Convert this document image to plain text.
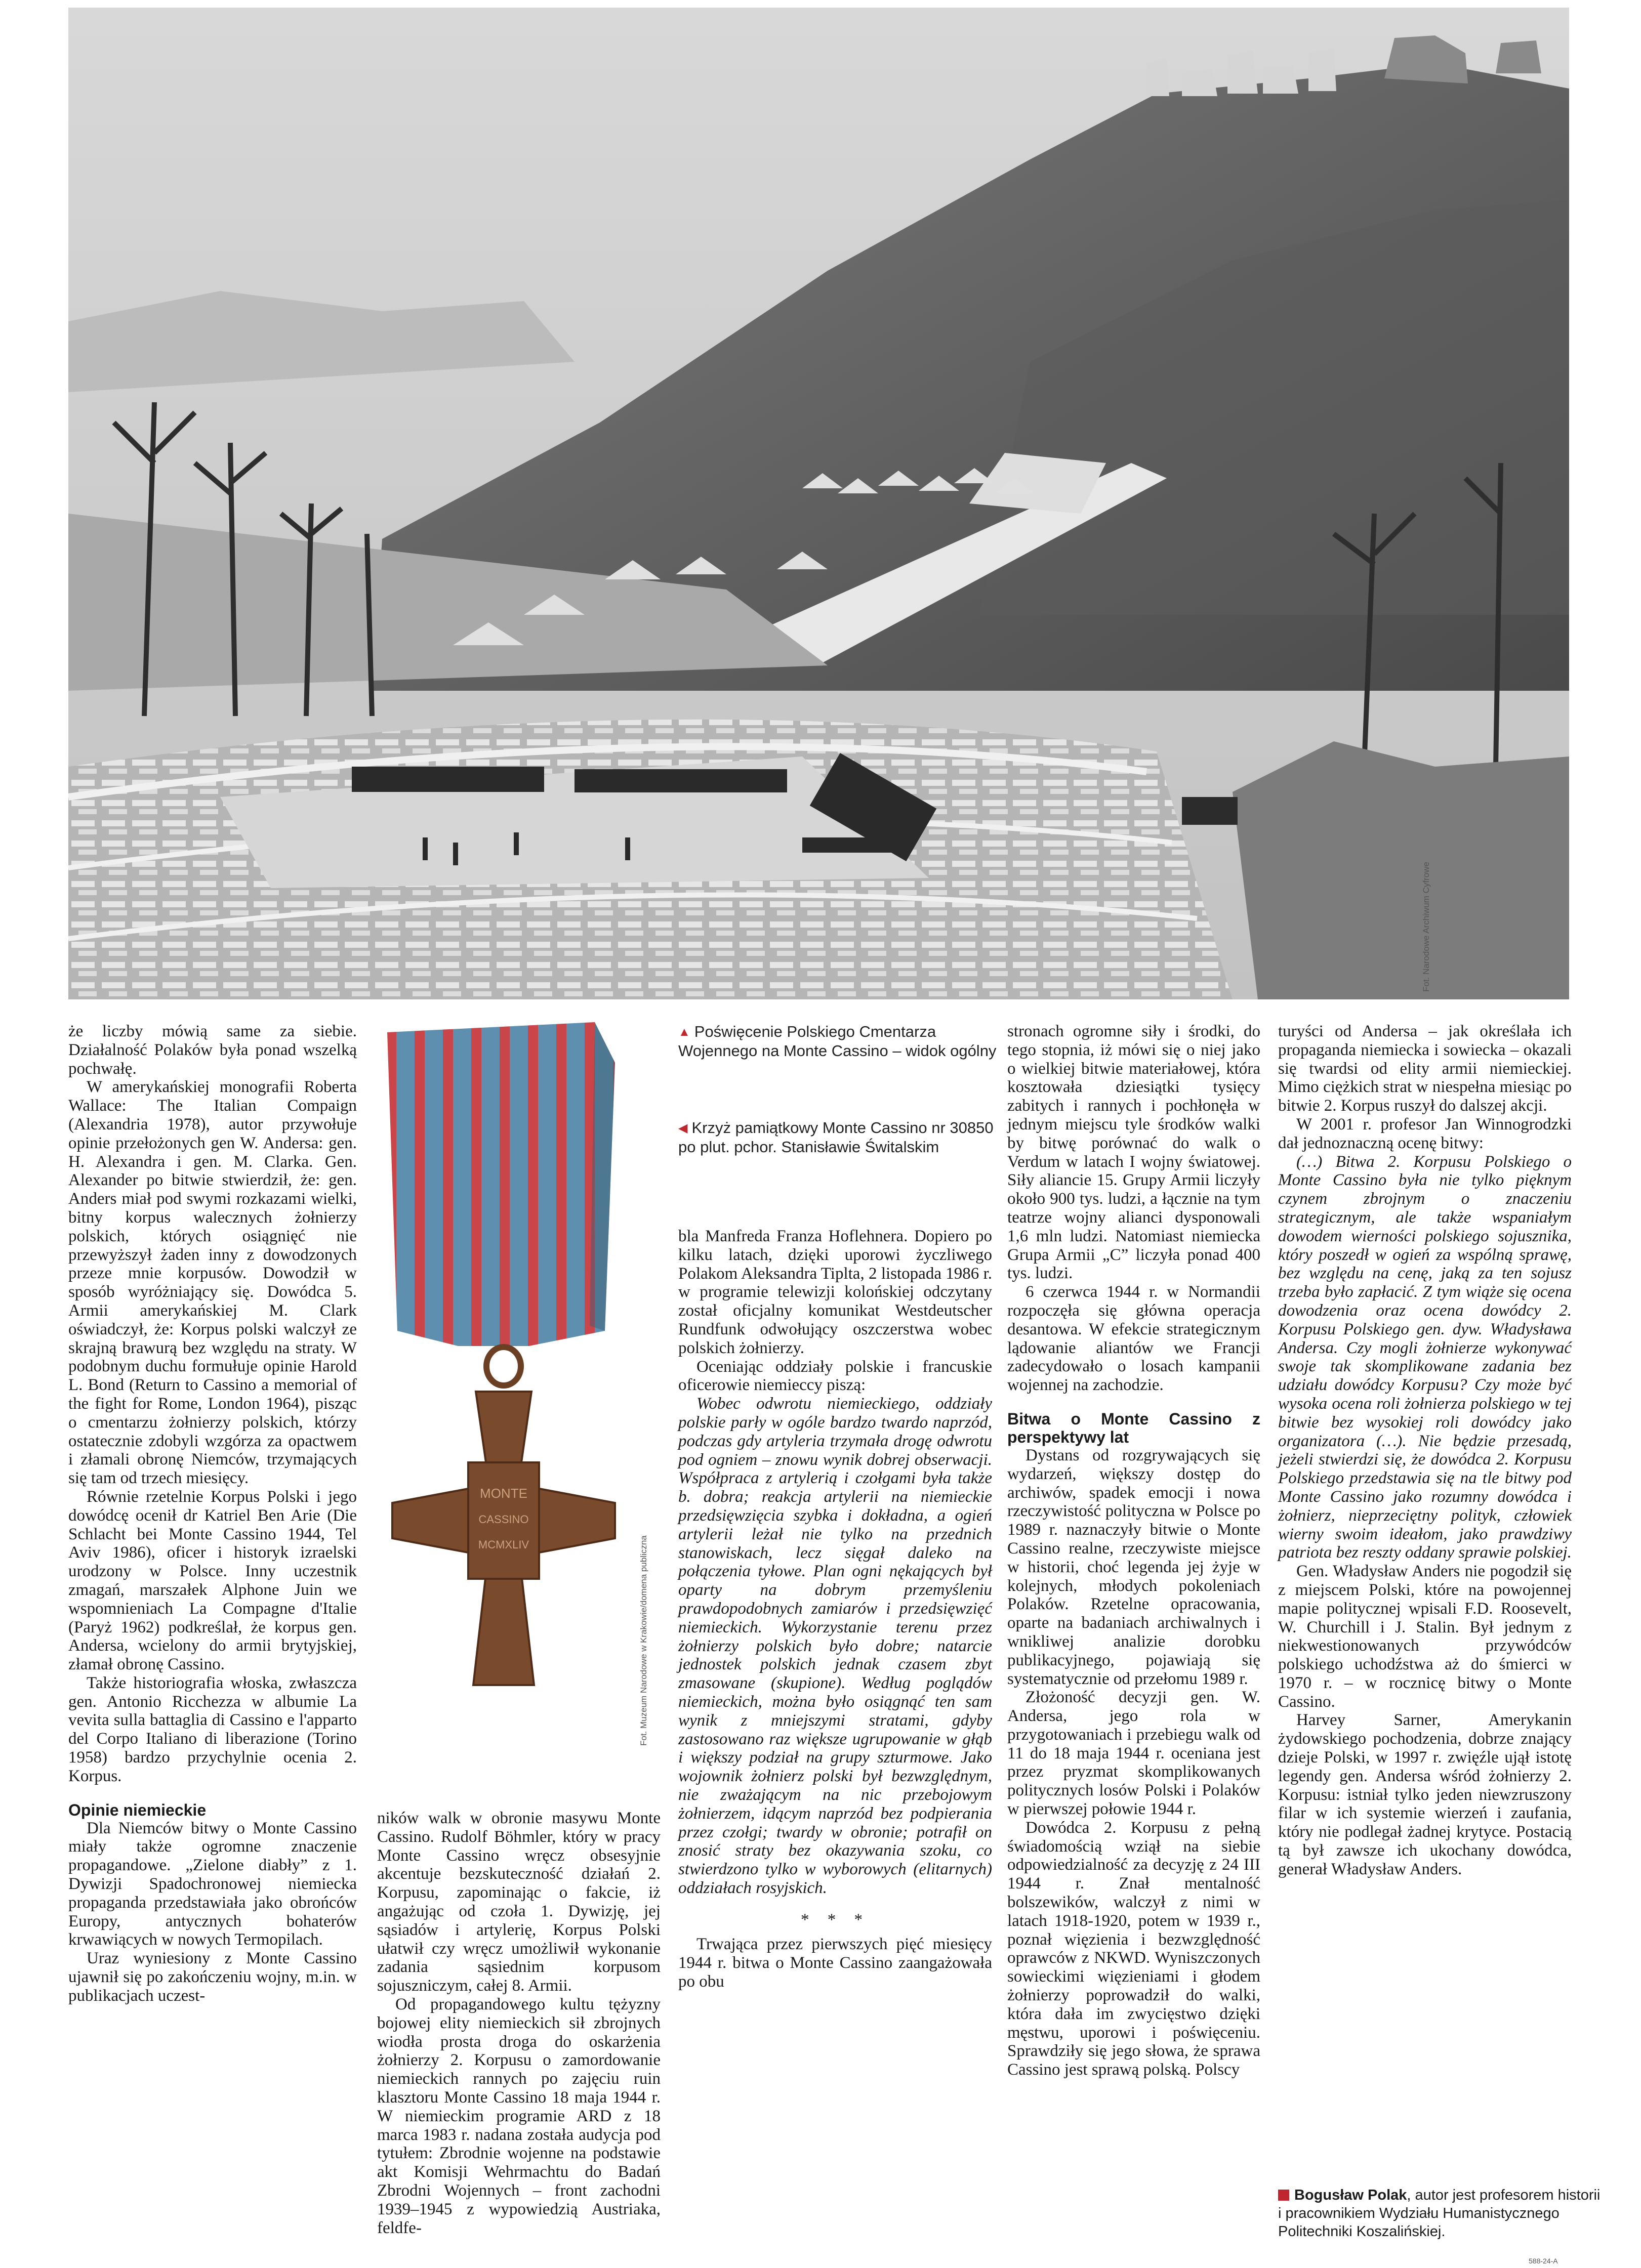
Fot. Narodowe Archiwum Cyfrowe
MONTE
CASSINO
MCMXLIV	Fot. Muzeum Narodowe w Krakowie/domena publiczna
▲ Poświęcenie Polskiego Cmentarza Wojennego na Monte Cassino – widok ogólny
◀ Krzyż pamiątkowy Monte Cassino nr 30850 po plut. pchor. Stanisławie Świtalskim

że liczby mówią same za siebie. Działalność Polaków była ponad wszelką pochwałę.

W amerykańskiej monografii Roberta Wallace: The Italian Compaign (Alexandria 1978), autor przywołuje opinie przełożonych gen W. Andersa: gen. H. Alexandra i gen. M. Clarka. Gen. Alexander po bitwie stwierdził, że: gen. Anders miał pod swymi rozkazami wielki, bitny korpus walecznych żołnierzy polskich, których osiągnięć nie przewyższył żaden inny z dowodzonych przeze mnie korpusów. Dowodził w sposób wyróżniający się. Dowódca 5. Armii amerykańskiej M. Clark oświadczył, że: Korpus polski walczył ze skrajną brawurą bez względu na straty. W podobnym duchu formułuje opinie Harold L. Bond (Return to Cassino a memorial of the fight for Rome, London 1964), pisząc o cmentarzu żołnierzy polskich, którzy ostatecznie zdobyli wzgórza za opactwem i złamali obronę Niemców, trzymających się tam od trzech miesięcy.

Równie rzetelnie Korpus Polski i jego dowódcę ocenił dr Katriel Ben Arie (Die Schlacht bei Monte Cassino 1944, Tel Aviv 1986), oficer i historyk izraelski urodzony w Polsce. Inny uczestnik zmagań, marszałek Alphone Juin we wspomnieniach La Compagne d'Italie (Paryż 1962) podkreślał, że korpus gen. Andersa, wcielony do armii brytyjskiej, złamał obronę Cassino.

Także historiografia włoska, zwłaszcza gen. Antonio Ricchezza w albumie La vevita sulla battaglia di Cassino e l'apparto del Corpo Italiano di liberazione (Torino 1958) bardzo przychylnie ocenia 2. Korpus.

Opinie niemieckie

Dla Niemców bitwy o Monte Cassino miały także ogromne znaczenie propagandowe. „Zielone diabły” z 1. Dywizji Spadochronowej niemiecka propaganda przedstawiała jako obrońców Europy, antycznych bohaterów krwawiących w nowych Termopilach.

Uraz wyniesiony z Monte Cassino ujawnił się po zakończeniu wojny, m.in. w publikacjach uczest-

ników walk w obronie masywu Monte Cassino. Rudolf Böhmler, który w pracy Monte Cassino wręcz obsesyjnie akcentuje bezskuteczność działań 2. Korpusu, zapominając o fakcie, iż angażując od czoła 1. Dywizję, jej sąsiadów i artylerię, Korpus Polski ułatwił czy wręcz umożliwił wykonanie zadania sąsiednim korpusom sojuszniczym, całej 8. Armii.

Od propagandowego kultu tężyzny bojowej elity niemieckich sił zbrojnych wiodła prosta droga do oskarżenia żołnierzy 2. Korpusu o zamordowanie niemieckich rannych po zajęciu ruin klasztoru Monte Cassino 18 maja 1944 r. W niemieckim programie ARD z 18 marca 1983 r. nadana została audycja pod tytułem: Zbrodnie wojenne na podstawie akt Komisji Wehrmachtu do Badań Zbrodni Wojennych – front zachodni 1939–1945 z wypowiedzią Austriaka, feldfe-

bla Manfreda Franza Hoflehnera. Dopiero po kilku latach, dzięki uporowi życzliwego Polakom Aleksandra Tiplta, 2 listopada 1986 r. w programie telewizji kolońskiej odczytany został oficjalny komunikat Westdeutscher Rundfunk odwołujący oszczerstwa wobec polskich żołnierzy.

Oceniając oddziały polskie i francuskie oficerowie niemieccy piszą:

Wobec odwrotu niemieckiego, oddziały polskie parły w ogóle bardzo twardo naprzód, podczas gdy artyleria trzymała drogę odwrotu pod ogniem – znowu wynik dobrej obserwacji. Współpraca z artylerią i czołgami była także b. dobra; reakcja artylerii na niemieckie przedsięwzięcia szybka i dokładna, a ogień artylerii leżał nie tylko na przednich stanowiskach, lecz sięgał daleko na połączenia tyłowe. Plan ogni nękających był oparty na dobrym przemyśleniu prawdopodobnych zamiarów i przedsięwzięć niemieckich. Wykorzystanie terenu przez żołnierzy polskich było dobre; natarcie jednostek polskich jednak czasem zbyt zmasowane (skupione). Według poglądów niemieckich, można było osiągnąć ten sam wynik z mniejszymi stratami, gdyby zastosowano raz większe ugrupowanie w głąb i większy podział na grupy szturmowe. Jako wojownik żołnierz polski był bezwzględnym, nie zważającym na nic przebojowym żołnierzem, idącym naprzód bez podpierania przez czołgi; twardy w obronie; potrafił on znosić straty bez okazywania szoku, co stwierdzono tylko w wyborowych (elitarnych) oddziałach rosyjskich.

* * *

Trwająca przez pierwszych pięć miesięcy 1944 r. bitwa o Monte Cassino zaangażowała po obu

stronach ogromne siły i środki, do tego stopnia, iż mówi się o niej jako o wielkiej bitwie materiałowej, która kosztowała dziesiątki tysięcy zabitych i rannych i pochłonęła w jednym miejscu tyle środków walki by bitwę porównać do walk o Verdum w latach I wojny światowej. Siły aliancie 15. Grupy Armii liczyły około 900 tys. ludzi, a łącznie na tym teatrze wojny alianci dysponowali 1,6 mln ludzi. Natomiast niemiecka Grupa Armii „C” liczyła ponad 400 tys. ludzi.

6 czerwca 1944 r. w Normandii rozpoczęła się główna operacja desantowa. W efekcie strategicznym lądowanie aliantów we Francji zadecydowało o losach kampanii wojennej na zachodzie.

Bitwa o Monte Cassino z perspektywy lat

Dystans od rozgrywających się wydarzeń, większy dostęp do archiwów, spadek emocji i nowa rzeczywistość polityczna w Polsce po 1989 r. naznaczyły bitwie o Monte Cassino realne, rzeczywiste miejsce w historii, choć legenda jej żyje w kolejnych, młodych pokoleniach Polaków. Rzetelne opracowania, oparte na badaniach archiwalnych i wnikliwej analizie dorobku publikacyjnego, pojawiają się systematycznie od przełomu 1989 r.

Złożoność decyzji gen. W. Andersa, jego rola w przygotowaniach i przebiegu walk od 11 do 18 maja 1944 r. oceniana jest przez pryzmat skomplikowanych politycznych losów Polski i Polaków w pierwszej połowie 1944 r.

Dowódca 2. Korpusu z pełną świadomością wziął na siebie odpowiedzialność za decyzję z 24 III 1944 r. Znał mentalność bolszewików, walczył z nimi w latach 1918-1920, potem w 1939 r., poznał więzienia i bezwzględność oprawców z NKWD. Wyniszczonych sowieckimi więzieniami i głodem żołnierzy poprowadził do walki, która dała im zwycięstwo dzięki męstwu, uporowi i poświęceniu. Sprawdziły się jego słowa, że sprawa Cassino jest sprawą polską. Polscy

turyści od Andersa – jak określała ich propaganda niemiecka i sowiecka – okazali się twardsi od elity armii niemieckiej. Mimo ciężkich strat w niespełna miesiąc po bitwie 2. Korpus ruszył do dalszej akcji.

W 2001 r. profesor Jan Winnogrodzki dał jednoznaczną ocenę bitwy:

(…) Bitwa 2. Korpusu Polskiego o Monte Cassino była nie tylko pięknym czynem zbrojnym o znaczeniu strategicznym, ale także wspaniałym dowodem wierności polskiego sojusznika, który poszedł w ogień za wspólną sprawę, bez względu na cenę, jaką za ten sojusz trzeba było zapłacić. Z tym wiąże się ocena dowodzenia oraz ocena dowódcy 2. Korpusu Polskiego gen. dyw. Władysława Andersa. Czy mogli żołnierze wykonywać swoje tak skomplikowane zadania bez udziału dowódcy Korpusu? Czy może być wysoka ocena roli żołnierza polskiego w tej bitwie bez wysokiej roli dowódcy jako organizatora (…). Nie będzie przesadą, jeżeli stwierdzi się, że dowódca 2. Korpusu Polskiego przedstawia się na tle bitwy pod Monte Cassino jako rozumny dowódca i żołnierz, nieprzeciętny polityk, człowiek wierny swoim ideałom, jako prawdziwy patriota bez reszty oddany sprawie polskiej.

Gen. Władysław Anders nie pogodził się z miejscem Polski, które na powojennej mapie politycznej wpisali F.D. Roosevelt, W. Churchill i J. Stalin. Był jednym z niekwestionowanych przywódców polskiego uchodźstwa aż do śmierci w 1970 r. – w rocznicę bitwy o Monte Cassino.

Harvey Sarner, Amerykanin żydowskiego pochodzenia, dobrze znający dzieje Polski, w 1997 r. zwięźle ujął istotę legendy gen. Andersa wśród żołnierzy 2. Korpusu: istniał tylko jeden niewzruszony filar w ich systemie wierzeń i zaufania, który nie podlegał żadnej krytyce. Postacią tą był zawsze ich ukochany dowódca, generał Władysław Anders.

Bogusław Polak, autor jest profesorem historii i pracownikiem Wydziału Humanistycznego Politechniki Koszalińskiej.
588-24-A
